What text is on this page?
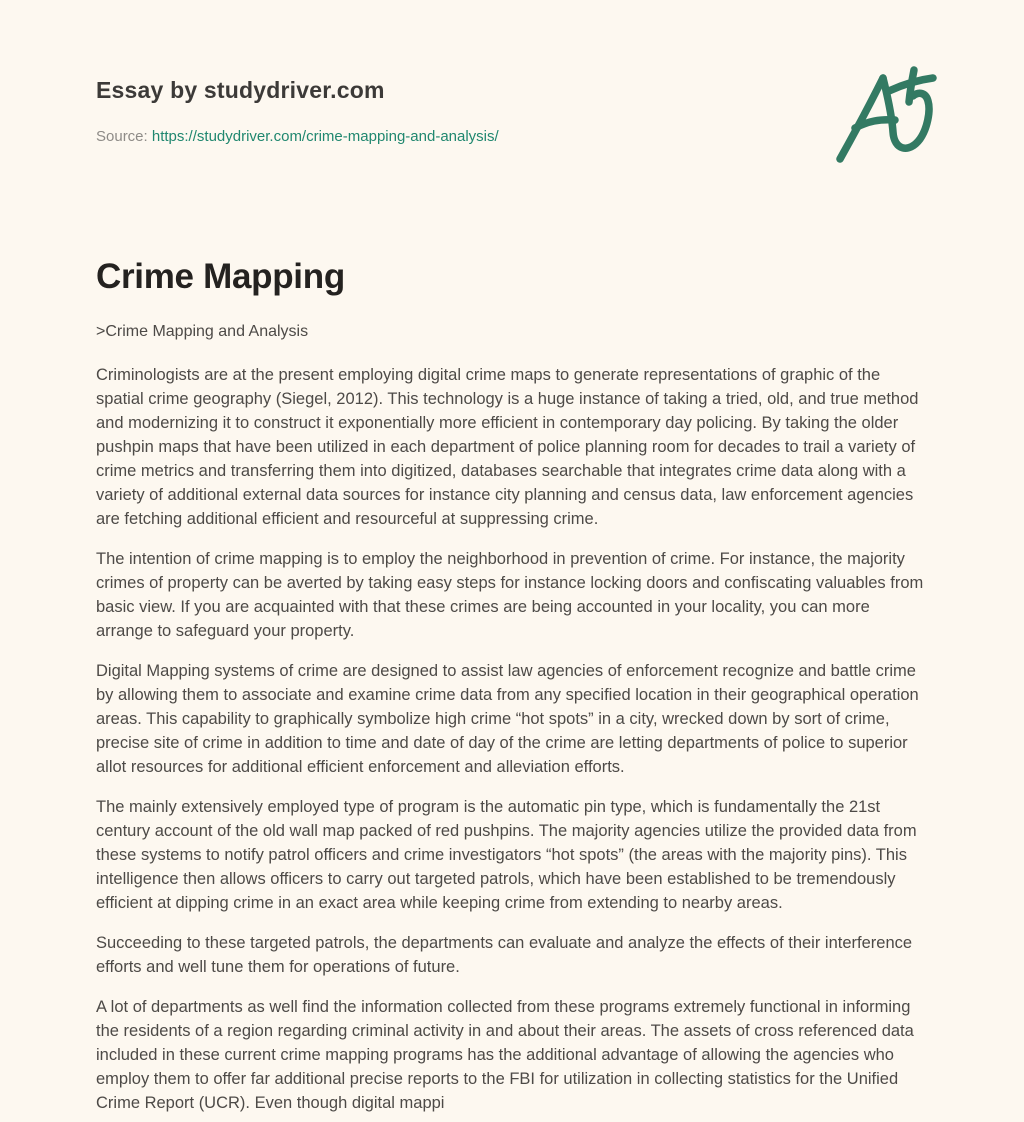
Essay by studydriver.com
Source: https://studydriver.com/crime-mapping-and-analysis/
Crime Mapping
>Crime Mapping and Analysis

Criminologists are at the present employing digital crime maps to generate representations of graphic of the spatial crime geography (Siegel, 2012). This technology is a huge instance of taking a tried, old, and true method and modernizing it to construct it exponentially more efficient in contemporary day policing. By taking the older pushpin maps that have been utilized in each department of police planning room for decades to trail a variety of crime metrics and transferring them into digitized, databases searchable that integrates crime data along with a variety of additional external data sources for instance city planning and census data, law enforcement agencies are fetching additional efficient and resourceful at suppressing crime.

The intention of crime mapping is to employ the neighborhood in prevention of crime. For instance, the majority crimes of property can be averted by taking easy steps for instance locking doors and confiscating valuables from basic view. If you are acquainted with that these crimes are being accounted in your locality, you can more arrange to safeguard your property.

Digital Mapping systems of crime are designed to assist law agencies of enforcement recognize and battle crime by allowing them to associate and examine crime data from any specified location in their geographical operation areas. This capability to graphically symbolize high crime “hot spots” in a city, wrecked down by sort of crime, precise site of crime in addition to time and date of day of the crime are letting departments of police to superior allot resources for additional efficient enforcement and alleviation efforts.

The mainly extensively employed type of program is the automatic pin type, which is fundamentally the 21st century account of the old wall map packed of red pushpins. The majority agencies utilize the provided data from these systems to notify patrol officers and crime investigators “hot spots” (the areas with the majority pins). This intelligence then allows officers to carry out targeted patrols, which have been established to be tremendously efficient at dipping crime in an exact area while keeping crime from extending to nearby areas.

Succeeding to these targeted patrols, the departments can evaluate and analyze the effects of their interference efforts and well tune them for operations of future.

A lot of departments as well find the information collected from these programs extremely functional in informing the residents of a region regarding criminal activity in and about their areas. The assets of cross referenced data included in these current crime mapping programs has the additional advantage of allowing the agencies who employ them to offer far additional precise reports to the FBI for utilization in collecting statistics for the Unified Crime Report (UCR). Even though digital mappi
